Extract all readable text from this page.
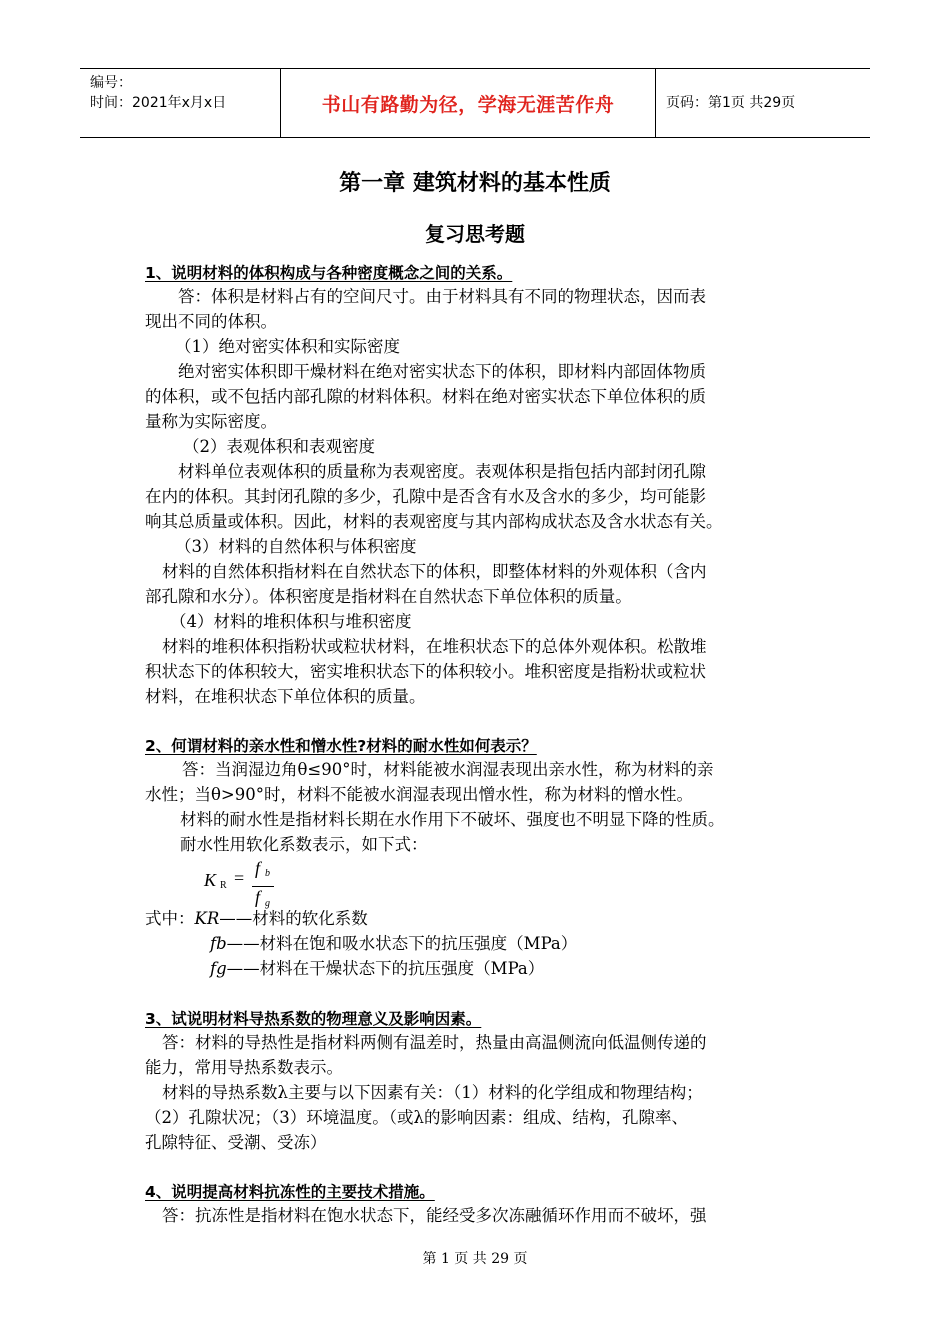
编号：
时间：2021年x月x日	书山有路勤为径，学海无涯苦作舟	页码：第1页 共29页
第一章 建筑材料的基本性质
复习思考题
1、说明材料的体积构成与各种密度概念之间的关系。
答：体积是材料占有的空间尺寸。由于材料具有不同的物理状态，因而表
现出不同的体积。
（1）绝对密实体积和实际密度
绝对密实体积即干燥材料在绝对密实状态下的体积，即材料内部固体物质
的体积，或不包括内部孔隙的材料体积。材料在绝对密实状态下单位体积的质
量称为实际密度。
（2）表观体积和表观密度
材料单位表观体积的质量称为表观密度。表观体积是指包括内部封闭孔隙
在内的体积。其封闭孔隙的多少，孔隙中是否含有水及含水的多少，均可能影
响其总质量或体积。因此，材料的表观密度与其内部构成状态及含水状态有关。
（3）材料的自然体积与体积密度
材料的自然体积指材料在自然状态下的体积，即整体材料的外观体积（含内
部孔隙和水分）。体积密度是指材料在自然状态下单位体积的质量。
（4）材料的堆积体积与堆积密度
材料的堆积体积指粉状或粒状材料，在堆积状态下的总体外观体积。松散堆
积状态下的体积较大，密实堆积状态下的体积较小。堆积密度是指粉状或粒状
材料，在堆积状态下单位体积的质量。
2、何谓材料的亲水性和憎水性?材料的耐水性如何表示？
答：当润湿边角θ≤90°时，材料能被水润湿表现出亲水性，称为材料的亲
水性；当θ>90°时，材料不能被水润湿表现出憎水性，称为材料的憎水性。
材料的耐水性是指材料长期在水作用下不破坏、强度也不明显下降的性质。
耐水性用软化系数表示，如下式：
K R = f b
f g
式中：KR——材料的软化系数
fb——材料在饱和吸水状态下的抗压强度（MPa）
fg——材料在干燥状态下的抗压强度（MPa）
3、试说明材料导热系数的物理意义及影响因素。
答：材料的导热性是指材料两侧有温差时，热量由高温侧流向低温侧传递的
能力，常用导热系数表示。
材料的导热系数λ主要与以下因素有关：（1）材料的化学组成和物理结构；
（2）孔隙状况；（3）环境温度。（或λ的影响因素：组成、结构，孔隙率、
孔隙特征、受潮、受冻）
4、说明提高材料抗冻性的主要技术措施。
答：抗冻性是指材料在饱水状态下，能经受多次冻融循环作用而不破坏，强
第 1 页 共 29 页
